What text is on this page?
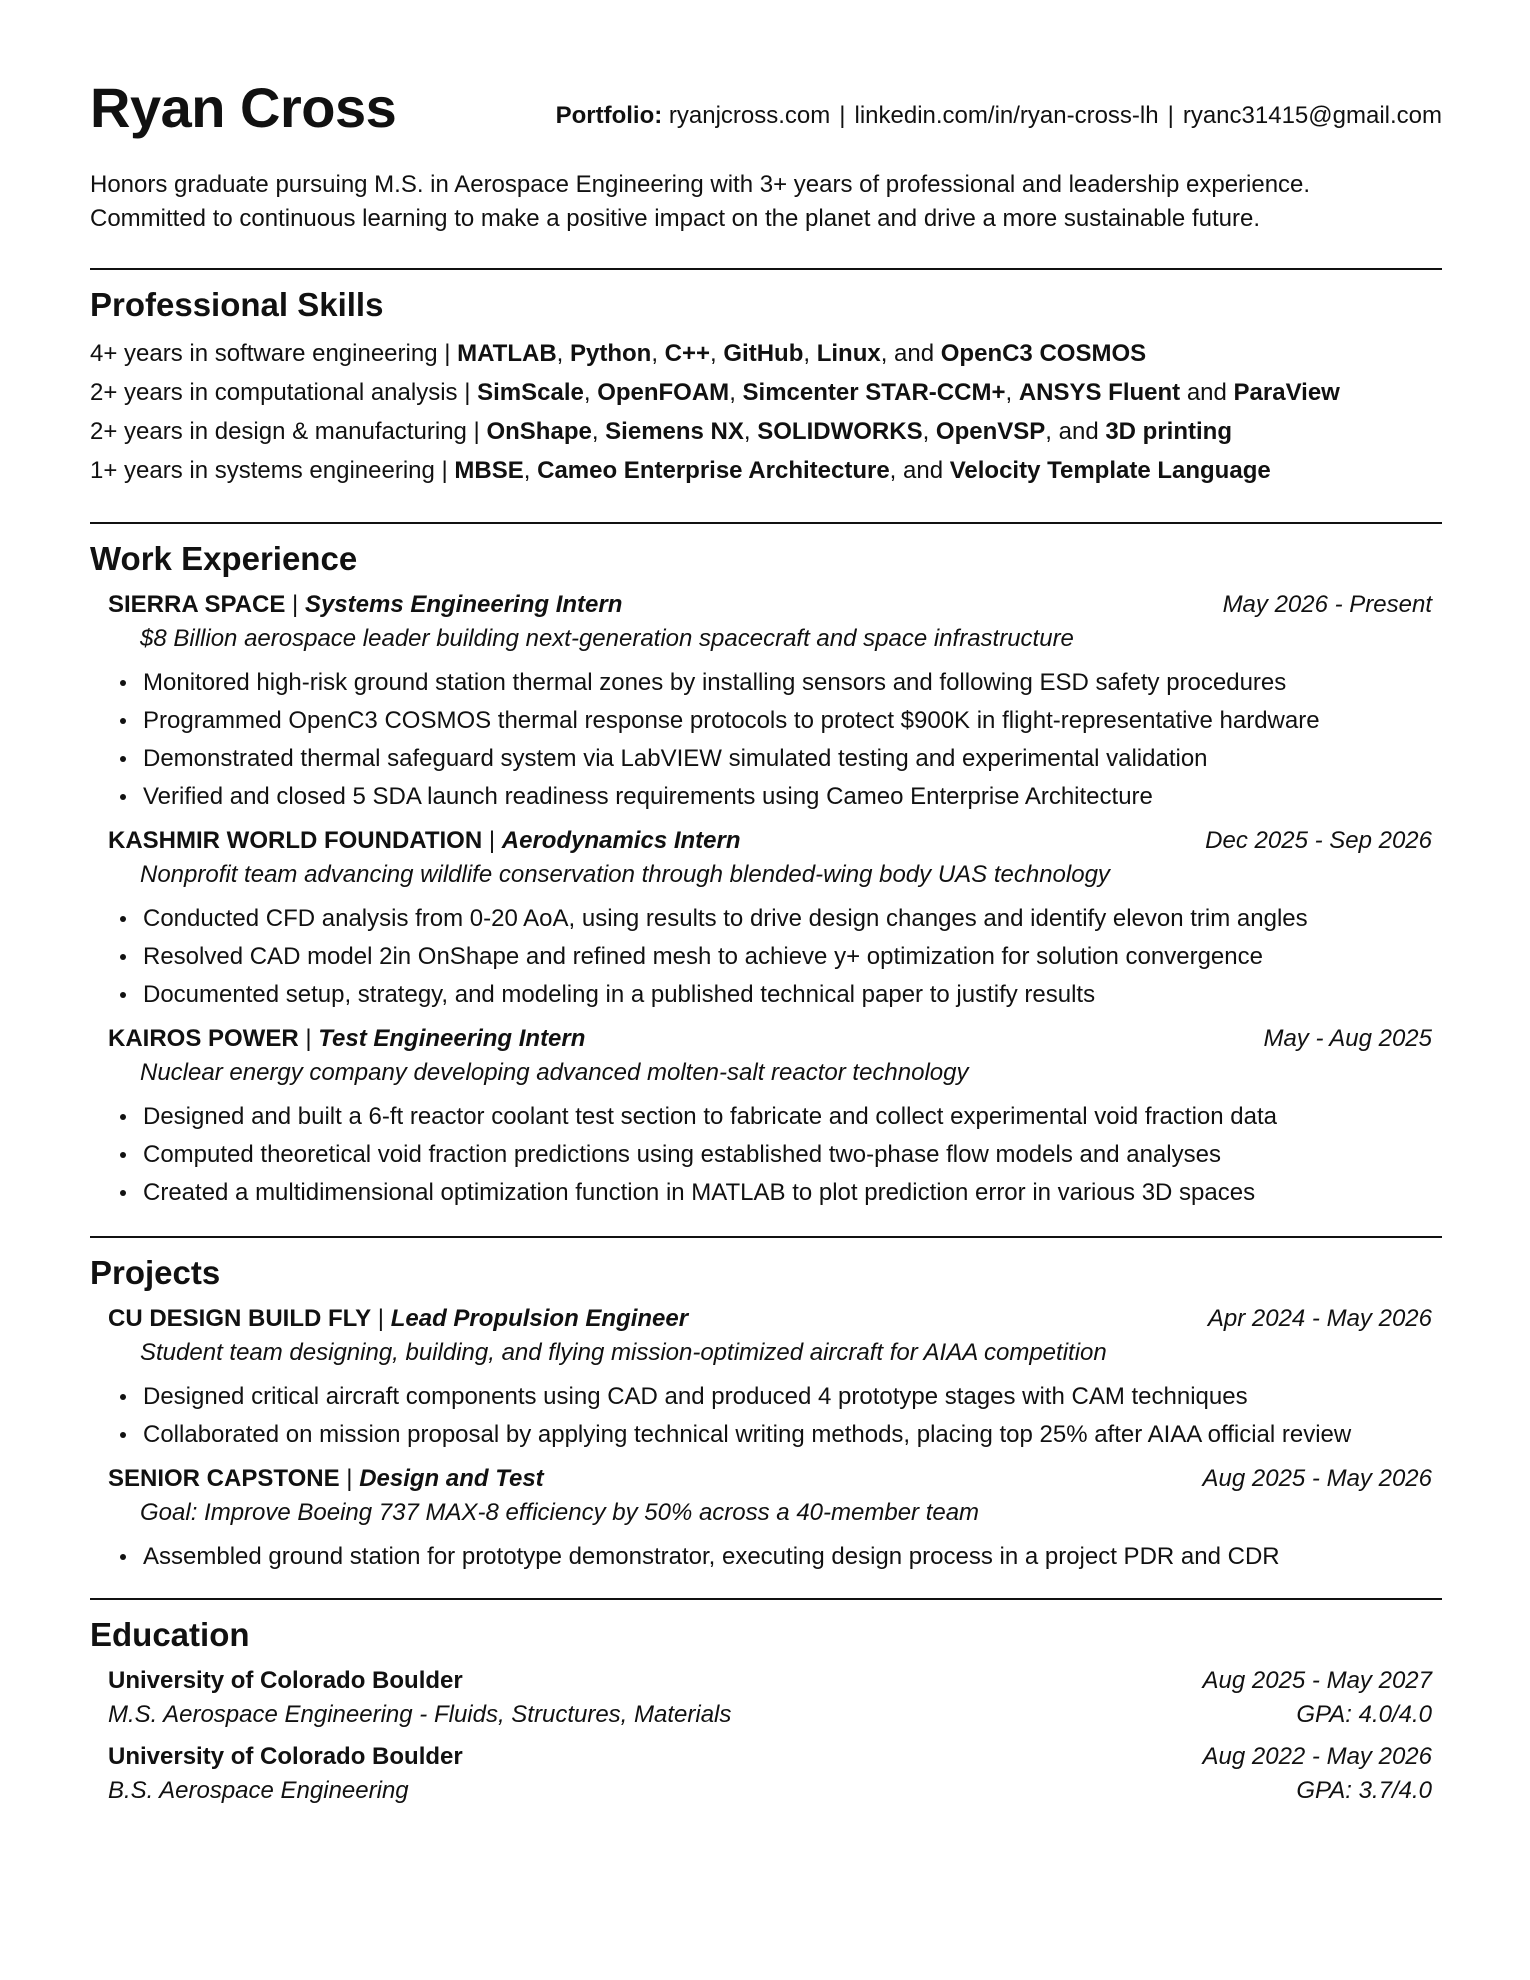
Ryan Cross	Portfolio: ryanjcross.com | linkedin.com/in/ryan-cross-lh | ryanc31415@gmail.com
Honors graduate pursuing M.S. in Aerospace Engineering with 3+ years of professional and leadership experience.
Committed to continuous learning to make a positive impact on the planet and drive a more sustainable future.
Professional Skills
4+ years in software engineering | MATLAB, Python, C++, GitHub, Linux, and OpenC3 COSMOS
2+ years in computational analysis | SimScale, OpenFOAM, Simcenter STAR-CCM+, ANSYS Fluent and ParaView
2+ years in design & manufacturing | OnShape, Siemens NX, SOLIDWORKS, OpenVSP, and 3D printing
1+ years in systems engineering | MBSE, Cameo Enterprise Architecture, and Velocity Template Language
Work Experience
SIERRA SPACE | Systems Engineering Intern	May 2026 - Present
$8 Billion aerospace leader building next-generation spacecraft and space infrastructure
Monitored high-risk ground station thermal zones by installing sensors and following ESD safety procedures
Programmed OpenC3 COSMOS thermal response protocols to protect $900K in flight-representative hardware
Demonstrated thermal safeguard system via LabVIEW simulated testing and experimental validation
Verified and closed 5 SDA launch readiness requirements using Cameo Enterprise Architecture
KASHMIR WORLD FOUNDATION | Aerodynamics Intern	Dec 2025 - Sep 2026
Nonprofit team advancing wildlife conservation through blended-wing body UAS technology
Conducted CFD analysis from 0-20 AoA, using results to drive design changes and identify elevon trim angles
Resolved CAD model 2in OnShape and refined mesh to achieve y+ optimization for solution convergence
Documented setup, strategy, and modeling in a published technical paper to justify results
KAIROS POWER | Test Engineering Intern	May - Aug 2025
Nuclear energy company developing advanced molten-salt reactor technology
Designed and built a 6-ft reactor coolant test section to fabricate and collect experimental void fraction data
Computed theoretical void fraction predictions using established two-phase flow models and analyses
Created a multidimensional optimization function in MATLAB to plot prediction error in various 3D spaces
Projects
CU DESIGN BUILD FLY | Lead Propulsion Engineer	Apr 2024 - May 2026
Student team designing, building, and flying mission-optimized aircraft for AIAA competition
Designed critical aircraft components using CAD and produced 4 prototype stages with CAM techniques
Collaborated on mission proposal by applying technical writing methods, placing top 25% after AIAA official review
SENIOR CAPSTONE | Design and Test	Aug 2025 - May 2026
Goal: Improve Boeing 737 MAX-8 efficiency by 50% across a 40-member team
Assembled ground station for prototype demonstrator, executing design process in a project PDR and CDR
Education
University of Colorado Boulder	Aug 2025 - May 2027
M.S. Aerospace Engineering - Fluids, Structures, Materials	GPA: 4.0/4.0
University of Colorado Boulder	Aug 2022 - May 2026
B.S. Aerospace Engineering	GPA: 3.7/4.0
